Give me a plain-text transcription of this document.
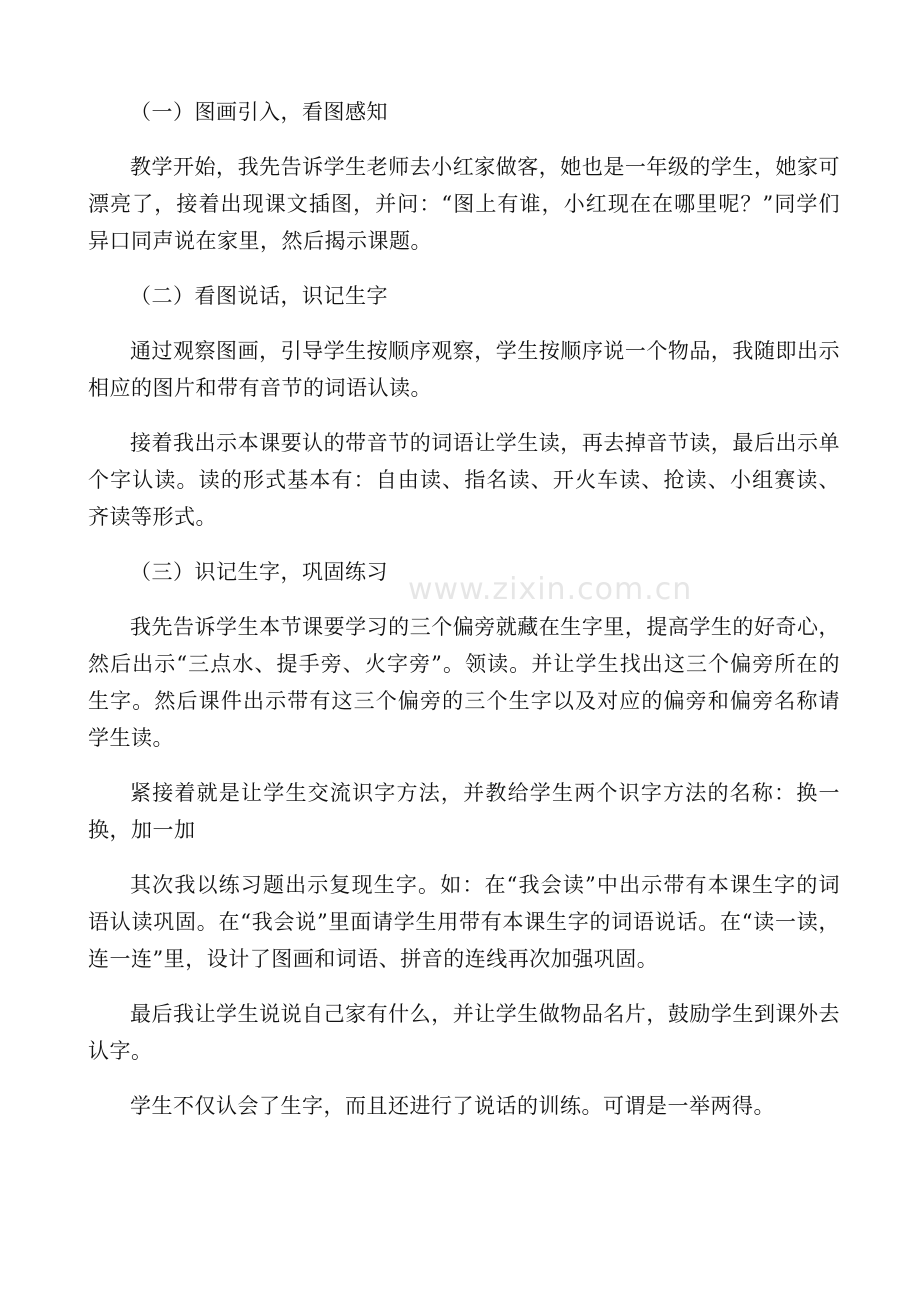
www.zixin.com.cn
（一）图画引入，看图感知
教学开始，我先告诉学生老师去小红家做客，她也是一年级的学生，她家可漂亮了，接着出现课文插图，并问：“图上有谁，小红现在在哪里呢？”同学们异口同声说在家里，然后揭示课题。
（二）看图说话，识记生字
通过观察图画，引导学生按顺序观察，学生按顺序说一个物品，我随即出示相应的图片和带有音节的词语认读。
接着我出示本课要认的带音节的词语让学生读，再去掉音节读，最后出示单个字认读。读的形式基本有：自由读、指名读、开火车读、抢读、小组赛读、齐读等形式。
（三）识记生字，巩固练习
我先告诉学生本节课要学习的三个偏旁就藏在生字里，提高学生的好奇心，然后出示“三点水、提手旁、火字旁”。领读。并让学生找出这三个偏旁所在的生字。然后课件出示带有这三个偏旁的三个生字以及对应的偏旁和偏旁名称请学生读。
紧接着就是让学生交流识字方法，并教给学生两个识字方法的名称：换一换，加一加
其次我以练习题出示复现生字。如：在“我会读”中出示带有本课生字的词语认读巩固。在“我会说”里面请学生用带有本课生字的词语说话。在“读一读，连一连”里，设计了图画和词语、拼音的连线再次加强巩固。
最后我让学生说说自己家有什么，并让学生做物品名片，鼓励学生到课外去认字。
学生不仅认会了生字，而且还进行了说话的训练。可谓是一举两得。
